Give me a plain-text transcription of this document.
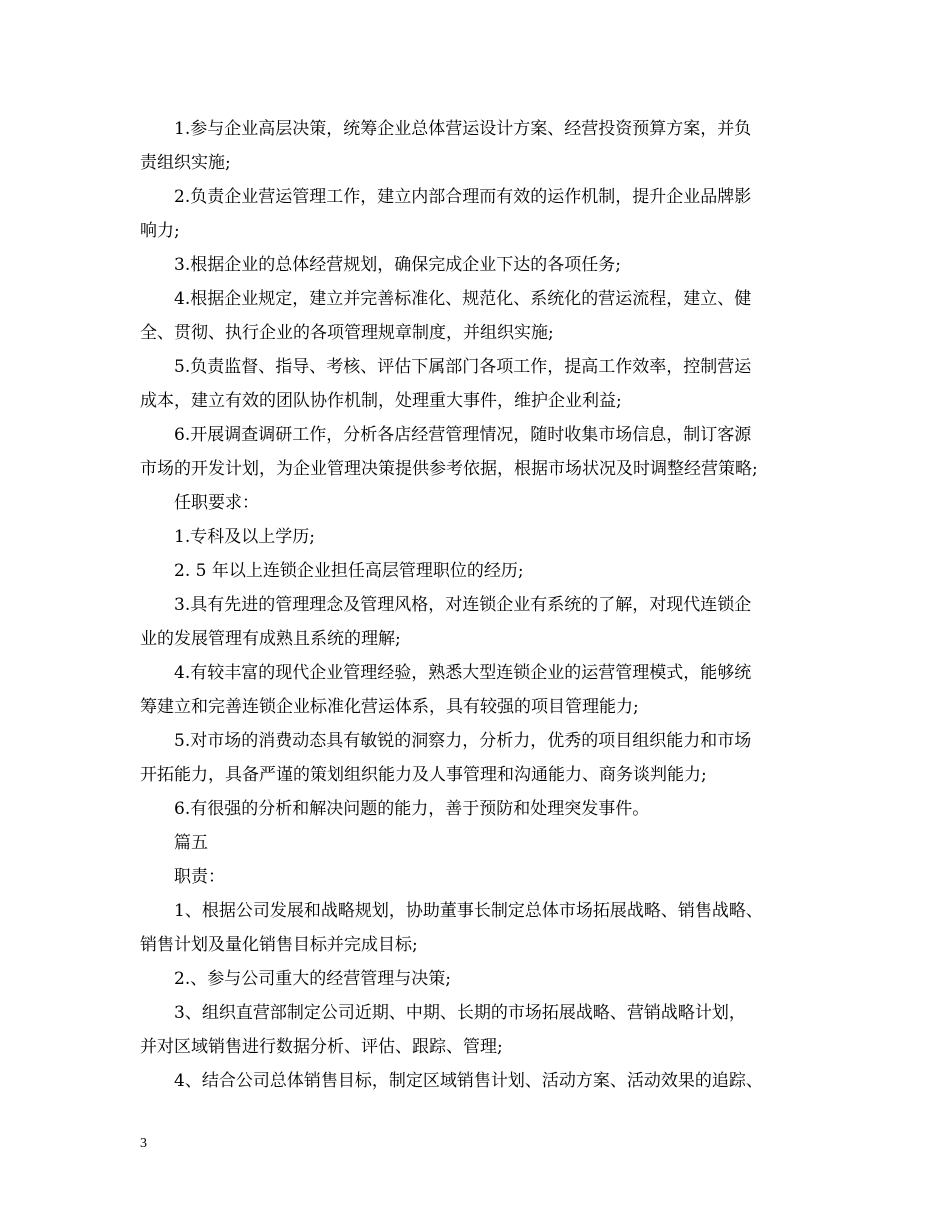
1.参与企业高层决策，统筹企业总体营运设计方案、经营投资预算方案，并负
责组织实施;
2.负责企业营运管理工作，建立内部合理而有效的运作机制，提升企业品牌影
响力;
3.根据企业的总体经营规划，确保完成企业下达的各项任务;
4.根据企业规定，建立并完善标准化、规范化、系统化的营运流程，建立、健
全、贯彻、执行企业的各项管理规章制度，并组织实施;
5.负责监督、指导、考核、评估下属部门各项工作，提高工作效率，控制营运
成本，建立有效的团队协作机制，处理重大事件，维护企业利益;
6.开展调查调研工作，分析各店经营管理情况，随时收集市场信息，制订客源
市场的开发计划，为企业管理决策提供参考依据，根据市场状况及时调整经营策略;
任职要求：
1.专科及以上学历;
2. 5 年以上连锁企业担任高层管理职位的经历;
3.具有先进的管理理念及管理风格，对连锁企业有系统的了解，对现代连锁企
业的发展管理有成熟且系统的理解;
4.有较丰富的现代企业管理经验，熟悉大型连锁企业的运营管理模式，能够统
筹建立和完善连锁企业标准化营运体系，具有较强的项目管理能力;
5.对市场的消费动态具有敏锐的洞察力，分析力，优秀的项目组织能力和市场
开拓能力，具备严谨的策划组织能力及人事管理和沟通能力、商务谈判能力;
6.有很强的分析和解决问题的能力，善于预防和处理突发事件。
篇五
职责：
1、根据公司发展和战略规划，协助董事长制定总体市场拓展战略、销售战略、
销售计划及量化销售目标并完成目标;
2.、参与公司重大的经营管理与决策;
3、组织直营部制定公司近期、中期、长期的市场拓展战略、营销战略计划，
并对区域销售进行数据分析、评估、跟踪、管理;
4、结合公司总体销售目标，制定区域销售计划、活动方案、活动效果的追踪、
3
